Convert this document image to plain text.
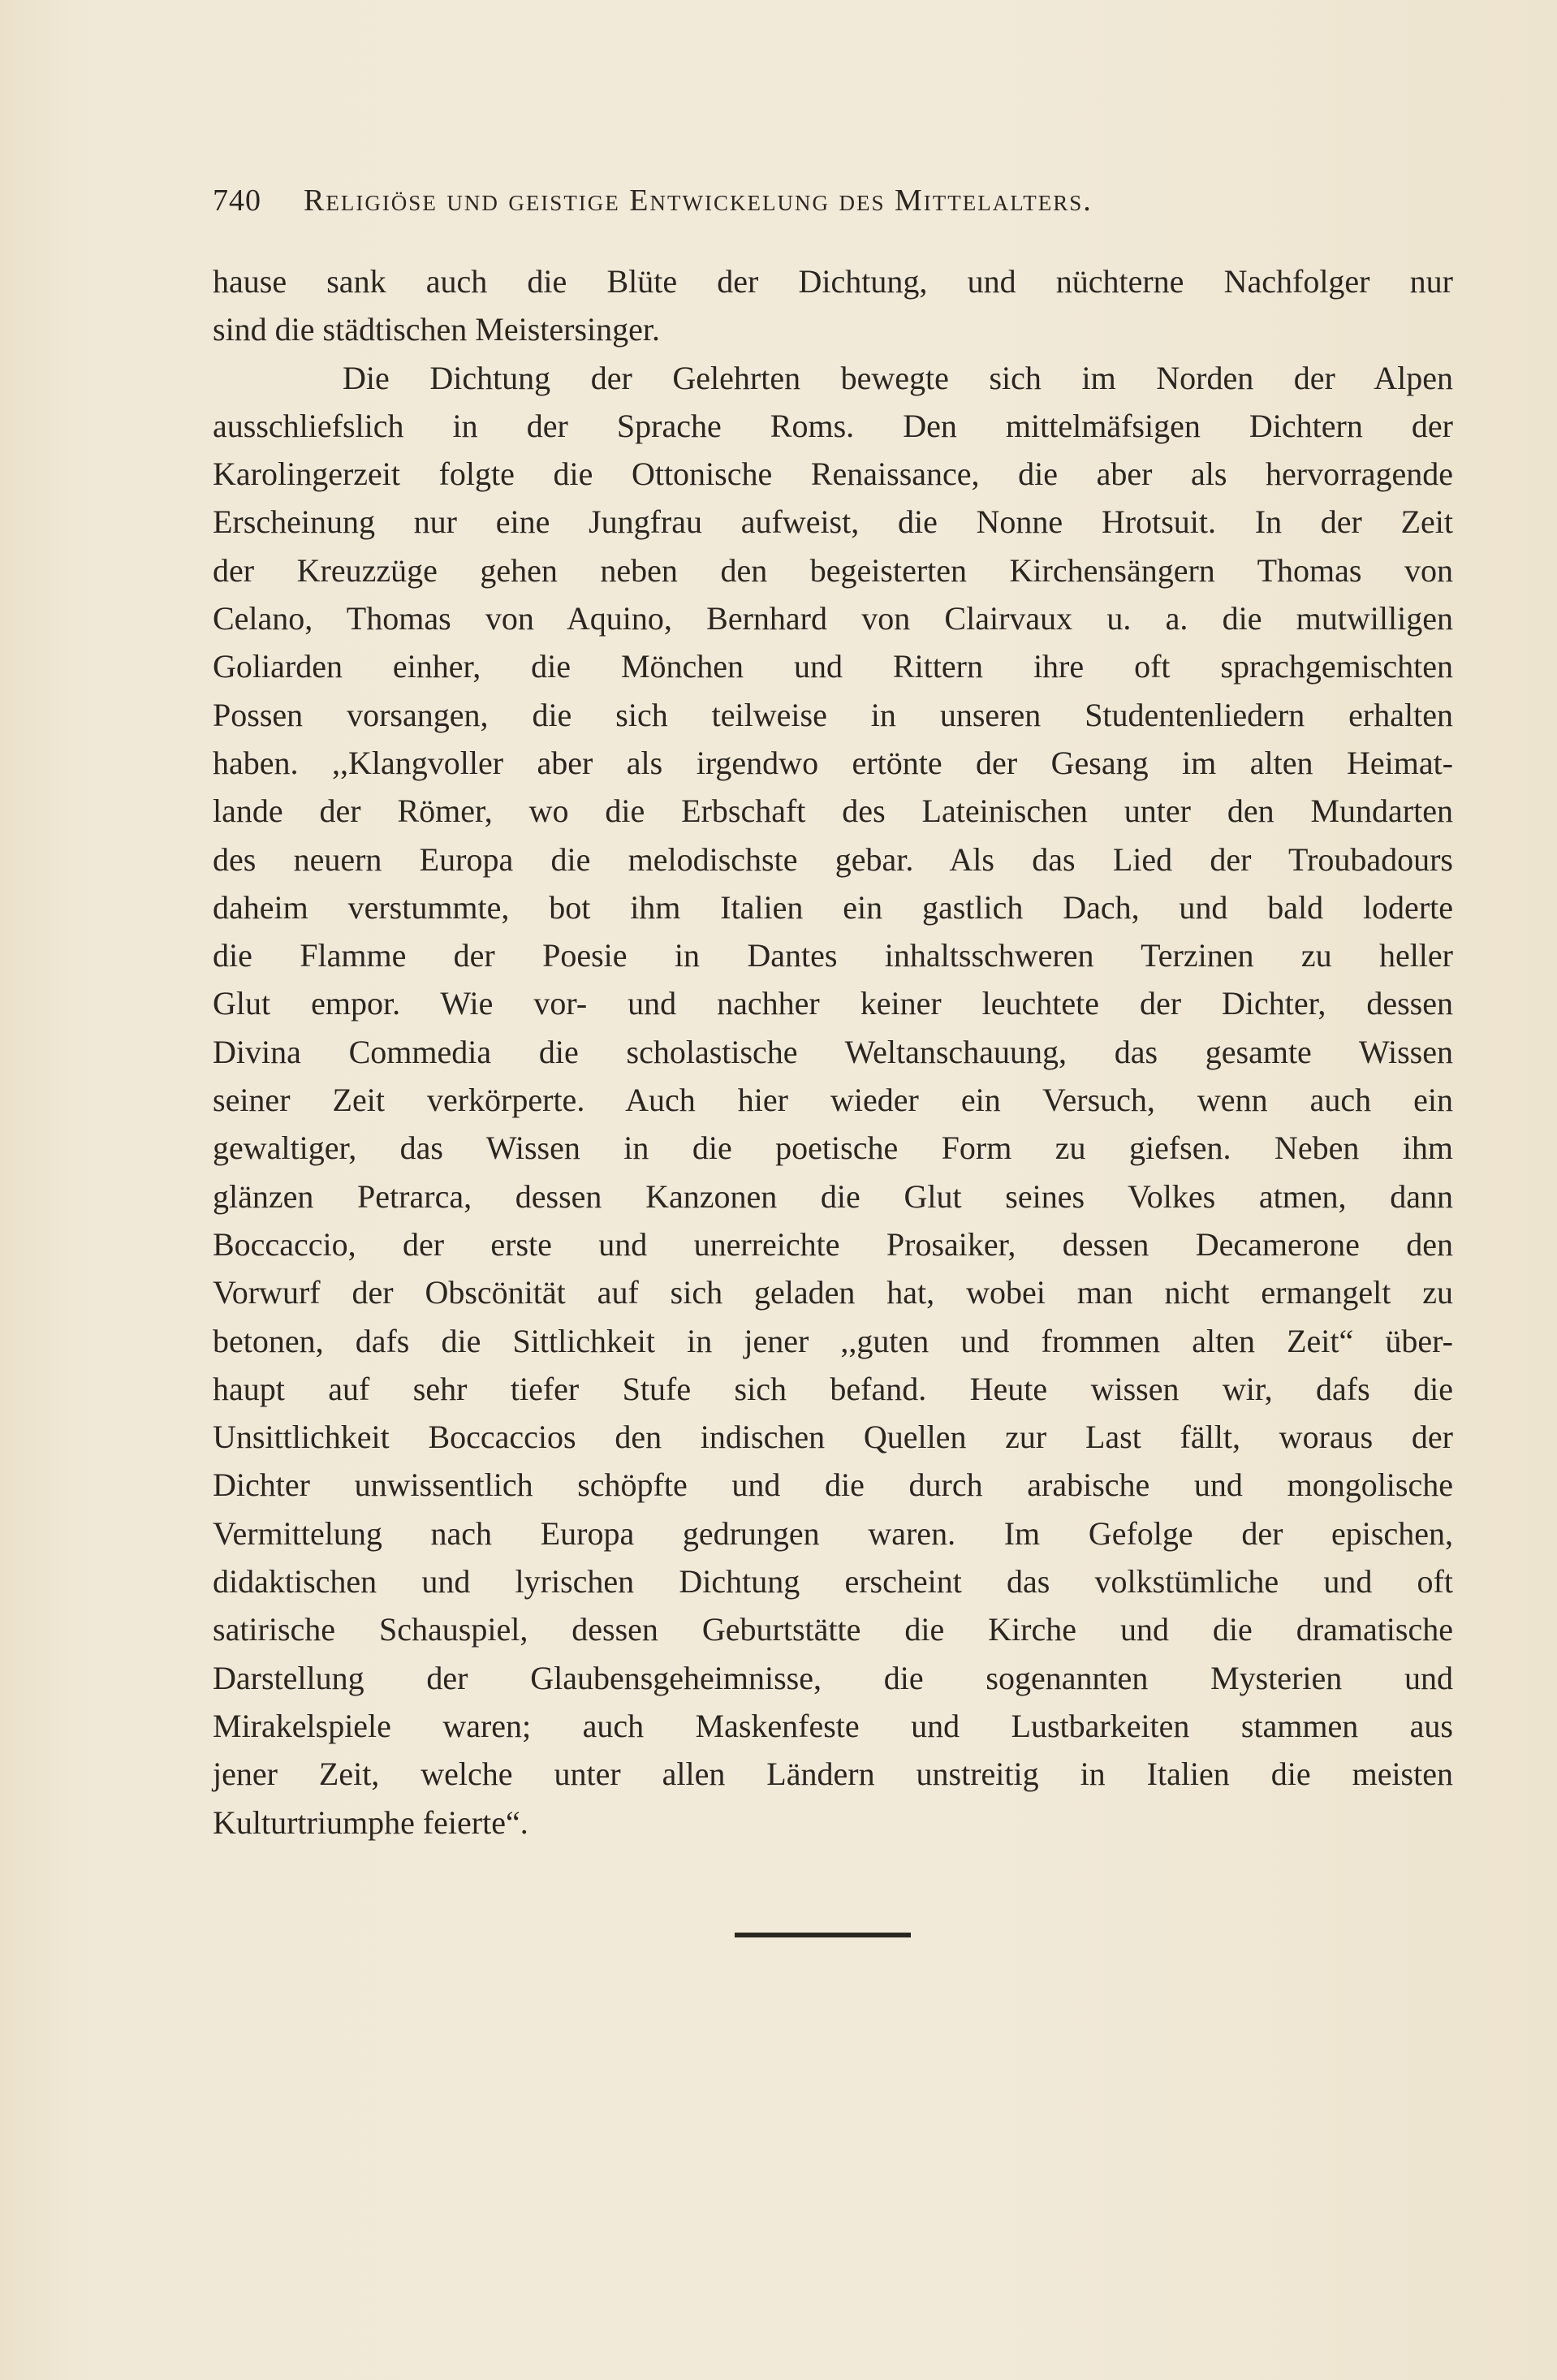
740 Religiöse und geistige Entwickelung des Mittelalters.
hause sank auch die Blüte der Dichtung, und nüchterne Nachfolger nur
sind die städtischen Meistersinger.
Die Dichtung der Gelehrten bewegte sich im Norden der Alpen
ausschliefslich in der Sprache Roms. Den mittelmäfsigen Dichtern der
Karolingerzeit folgte die Ottonische Renaissance, die aber als hervorragende
Erscheinung nur eine Jungfrau aufweist, die Nonne Hrotsuit. In der Zeit
der Kreuzzüge gehen neben den begeisterten Kirchensängern Thomas von
Celano, Thomas von Aquino, Bernhard von Clairvaux u. a. die mutwilligen
Goliarden einher, die Mönchen und Rittern ihre oft sprachgemischten
Possen vorsangen, die sich teilweise in unseren Studentenliedern erhalten
haben. ,,Klangvoller aber als irgendwo ertönte der Gesang im alten Heimat-
lande der Römer, wo die Erbschaft des Lateinischen unter den Mundarten
des neuern Europa die melodischste gebar. Als das Lied der Troubadours
daheim verstummte, bot ihm Italien ein gastlich Dach, und bald loderte
die Flamme der Poesie in Dantes inhaltsschweren Terzinen zu heller
Glut empor. Wie vor- und nachher keiner leuchtete der Dichter, dessen
Divina Commedia die scholastische Weltanschauung, das gesamte Wissen
seiner Zeit verkörperte. Auch hier wieder ein Versuch, wenn auch ein
gewaltiger, das Wissen in die poetische Form zu giefsen. Neben ihm
glänzen Petrarca, dessen Kanzonen die Glut seines Volkes atmen, dann
Boccaccio, der erste und unerreichte Prosaiker, dessen Decamerone den
Vorwurf der Obscönität auf sich geladen hat, wobei man nicht ermangelt zu
betonen, dafs die Sittlichkeit in jener ,,guten und frommen alten Zeit“ über-
haupt auf sehr tiefer Stufe sich befand. Heute wissen wir, dafs die
Unsittlichkeit Boccaccios den indischen Quellen zur Last fällt, woraus der
Dichter unwissentlich schöpfte und die durch arabische und mongolische
Vermittelung nach Europa gedrungen waren. Im Gefolge der epischen,
didaktischen und lyrischen Dichtung erscheint das volkstümliche und oft
satirische Schauspiel, dessen Geburtstätte die Kirche und die dramatische
Darstellung der Glaubensgeheimnisse, die sogenannten Mysterien und
Mirakelspiele waren; auch Maskenfeste und Lustbarkeiten stammen aus
jener Zeit, welche unter allen Ländern unstreitig in Italien die meisten
Kulturtriumphe feierte“.
